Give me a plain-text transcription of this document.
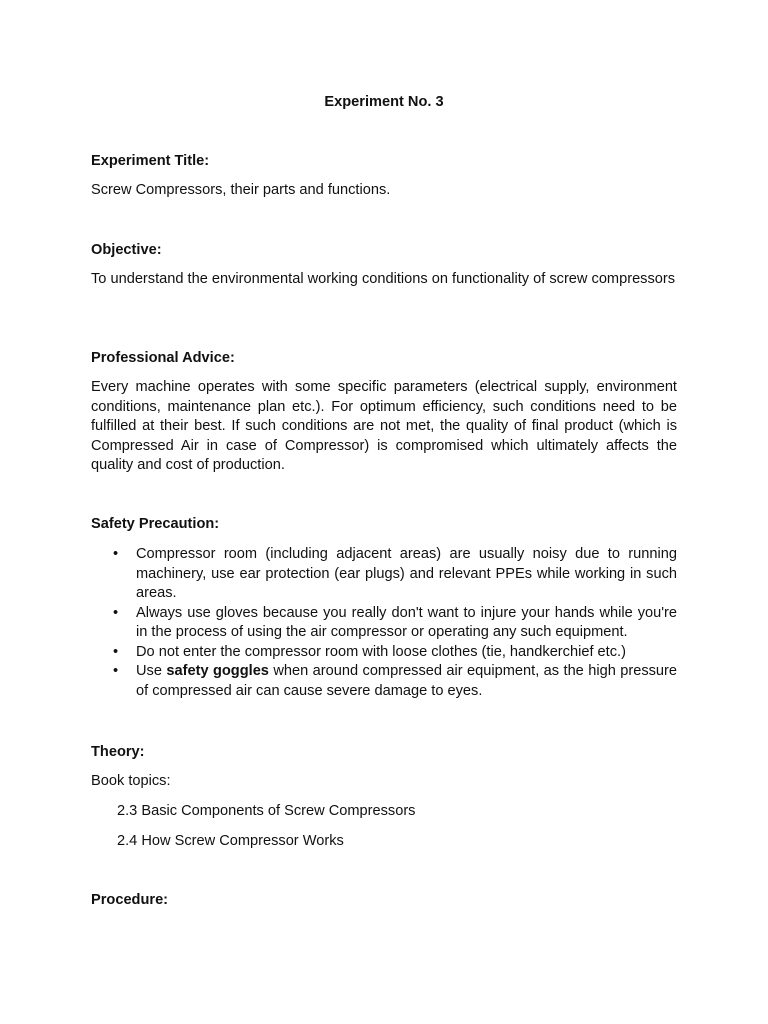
Experiment No. 3

Experiment Title:

Screw Compressors, their parts and functions.

Objective:

To understand the environmental working conditions on functionality of screw compressors

Professional Advice:

Every machine operates with some specific parameters (electrical supply, environment conditions, maintenance plan etc.). For optimum efficiency, such conditions need to be fulfilled at their best. If such conditions are not met, the quality of final product (which is Compressed Air in case of Compressor) is compromised which ultimately affects the quality and cost of production.

Safety Precaution:

• Compressor room (including adjacent areas) are usually noisy due to running machinery, use ear protection (ear plugs) and relevant PPEs while working in such areas.
• Always use gloves because you really don't want to injure your hands while you're in the process of using the air compressor or operating any such equipment.
• Do not enter the compressor room with loose clothes (tie, handkerchief etc.)
• Use safety goggles when around compressed air equipment, as the high pressure of compressed air can cause severe damage to eyes.

Theory:

Book topics:

2.3 Basic Components of Screw Compressors

2.4 How Screw Compressor Works

Procedure:
